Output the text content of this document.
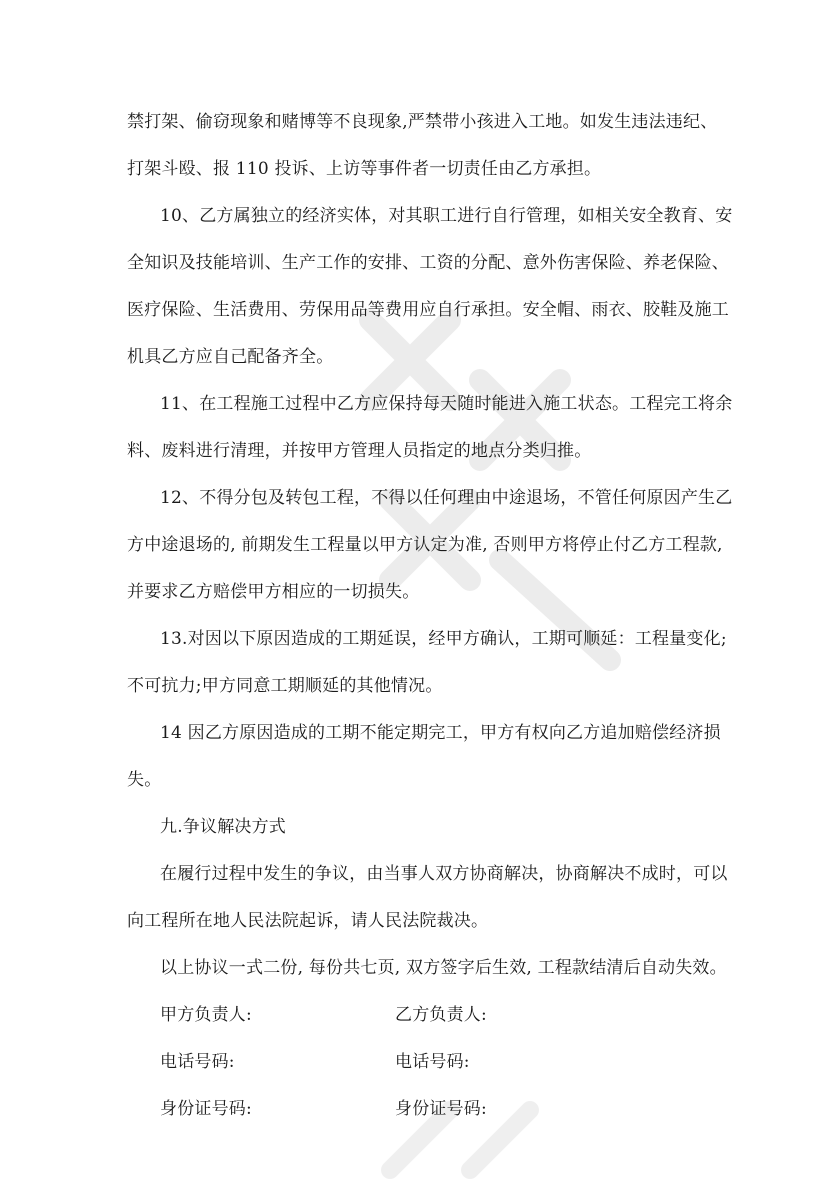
禁打架、偷窃现象和赌博等不良现象,严禁带小孩进入工地。如发生违法违纪、
打架斗殴、报 110 投诉、上访等事件者一切责任由乙方承担。
10、乙方属独立的经济实体，对其职工进行自行管理，如相关安全教育、安
全知识及技能培训、生产工作的安排、工资的分配、意外伤害保险、养老保险、
医疗保险、生活费用、劳保用品等费用应自行承担。安全帽、雨衣、胶鞋及施工
机具乙方应自己配备齐全。
11、在工程施工过程中乙方应保持每天随时能进入施工状态。工程完工将余
料、废料进行清理，并按甲方管理人员指定的地点分类归推。
12、不得分包及转包工程，不得以任何理由中途退场，不管任何原因产生乙
方中途退场的, 前期发生工程量以甲方认定为准, 否则甲方将停止付乙方工程款,
并要求乙方赔偿甲方相应的一切损失。
13.对因以下原因造成的工期延误，经甲方确认，工期可顺延：工程量变化;
不可抗力;甲方同意工期顺延的其他情况。
14 因乙方原因造成的工期不能定期完工，甲方有权向乙方追加赔偿经济损
失。
九.争议解决方式
在履行过程中发生的争议，由当事人双方协商解决，协商解决不成时，可以
向工程所在地人民法院起诉，请人民法院裁决。
以上协议一式二份, 每份共七页, 双方签字后生效, 工程款结清后自动失效。
甲方负责人:	乙方负责人:
电话号码:	电话号码:
身份证号码:	身份证号码:
